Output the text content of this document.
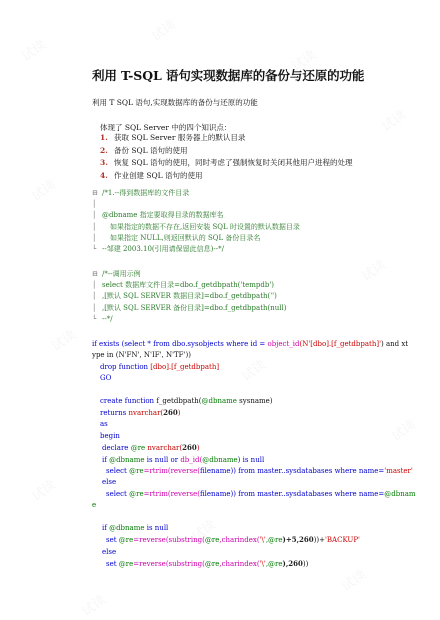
利用 T-SQL 语句实现数据库的备份与还原的功能
利用 T SQL 语句,实现数据库的备份与还原的功能
体现了 SQL Server 中的四个知识点：
1. 获取 SQL Server 服务器上的默认目录
2. 备份 SQL 语句的使用
3. 恢复 SQL 语句的使用，同时考虑了强制恢复时关闭其他用户进程的处理
4. 作业创建 SQL 语句的使用
⊟ /*1.--得到数据库的文件目录
│
│ @dbname 指定要取得目录的数据库名
│ 如果指定的数据不存在,返回安装 SQL 时设置的默认数据目录
│ 如果指定 NULL,则返回默认的 SQL 备份目录名
└ --邹建 2003.10(引用请保留此信息)--*/
⊟ /*--调用示例
│ select 数据库文件目录=dbo.f_getdbpath('tempdb')
│ ,[默认 SQL SERVER 数据目录]=dbo.f_getdbpath('')
│ ,[默认 SQL SERVER 备份目录]=dbo.f_getdbpath(null)
└ --*/
if exists (select * from dbo.sysobjects where id = object_id(N'[dbo].[f_getdbpath]') and xt
ype in (N'FN', N'IF', N'TF'))
drop function [dbo].[f_getdbpath]
GO
create function f_getdbpath(@dbname sysname)
returns nvarchar(260)
as
begin
declare @re nvarchar(260)
if @dbname is null or db_id(@dbname) is null
select @re=rtrim(reverse(filename)) from master..sysdatabases where name='master'
else
select @re=rtrim(reverse(filename)) from master..sysdatabases where name=@dbnam
e
if @dbname is null
set @re=reverse(substring(@re,charindex('\',@re)+5,260))+'BACKUP'
else
set @re=reverse(substring(@re,charindex('\',@re),260))
